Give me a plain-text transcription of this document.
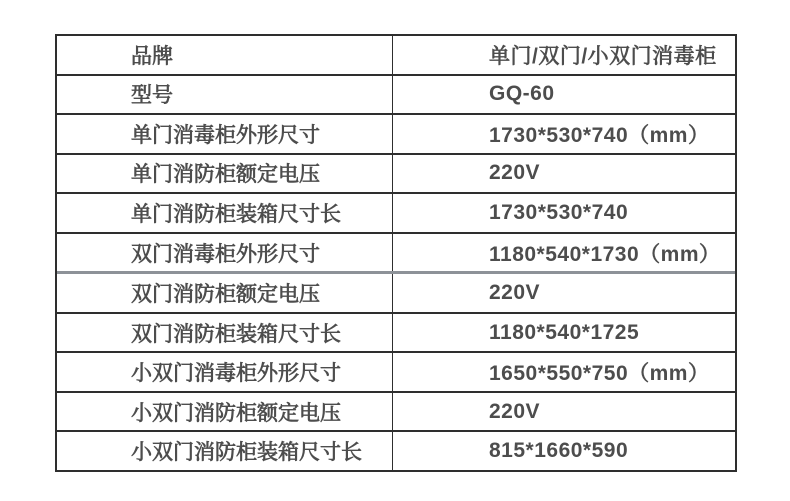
品牌	单门/双门/小双门消毒柜
型号	GQ-60
单门消毒柜外形尺寸	1730*530*740（mm）
单门消防柜额定电压	220V
单门消防柜装箱尺寸长	1730*530*740
双门消毒柜外形尺寸	1180*540*1730（mm）
双门消防柜额定电压	220V
双门消防柜装箱尺寸长	1180*540*1725
小双门消毒柜外形尺寸	1650*550*750（mm）
小双门消防柜额定电压	220V
小双门消防柜装箱尺寸长	815*1660*590
